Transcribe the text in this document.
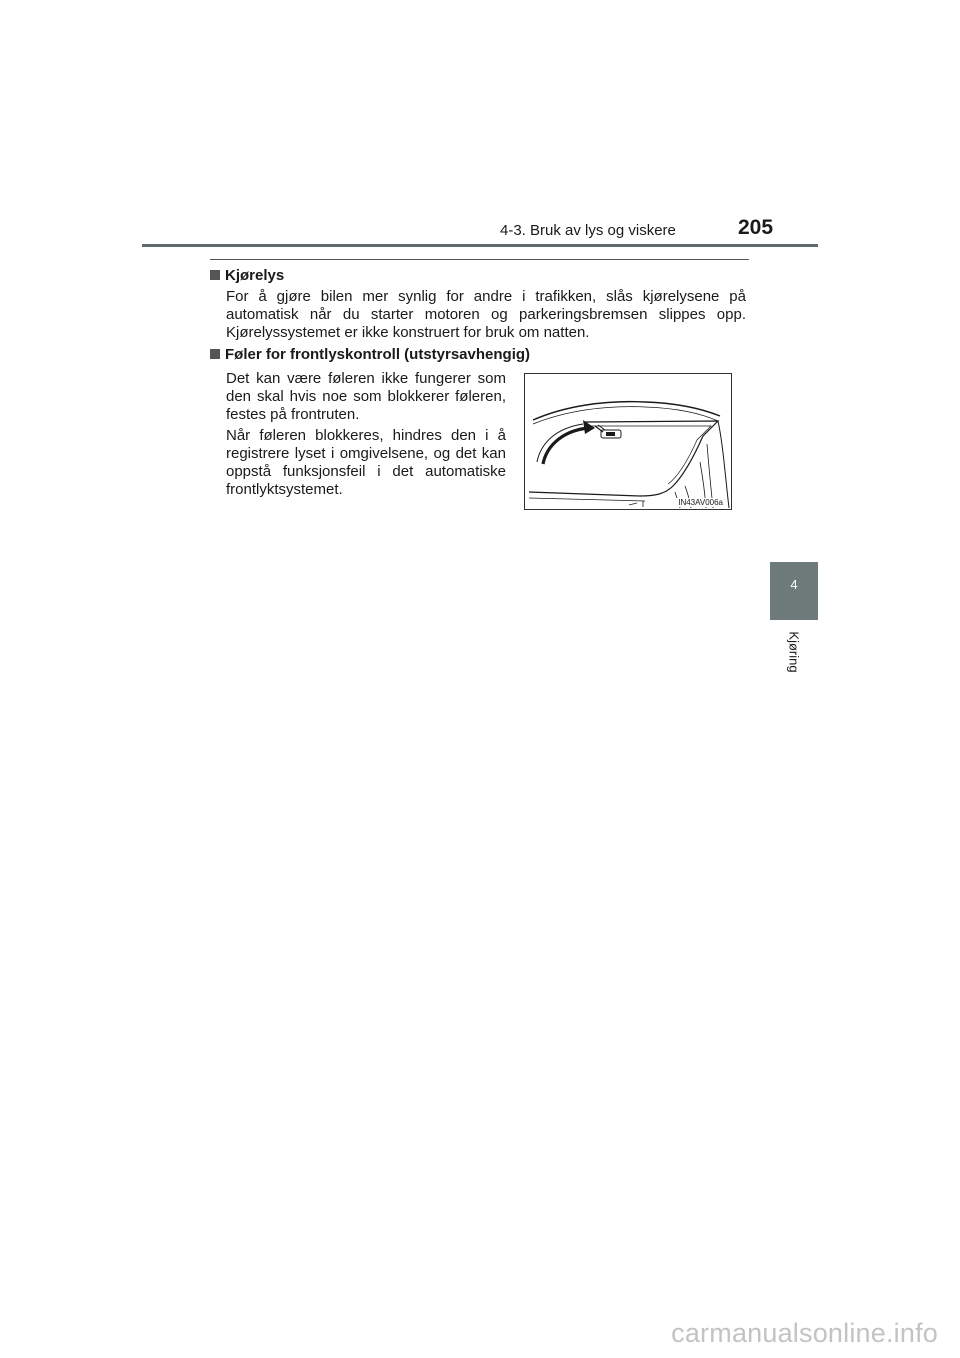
4-3. Bruk av lys og viskere	205
Kjørelys

For å gjøre bilen mer synlig for andre i trafikken, slås kjørelysene på automatisk når du starter motoren og parkeringsbremsen slippes opp. Kjørelyssystemet er ikke konstruert for bruk om natten.

Føler for frontlyskontroll (utstyrsavhengig)

Det kan være føleren ikke fungerer som den skal hvis noe som blokkerer føleren, festes på frontruten.

Når føleren blokkeres, hindres den i å registrere lyset i omgivelsene, og det kan oppstå funksjonsfeil i det automatiske frontlyktsystemet.

IN43AV006a
4
Kjøring
carmanualsonline.info
